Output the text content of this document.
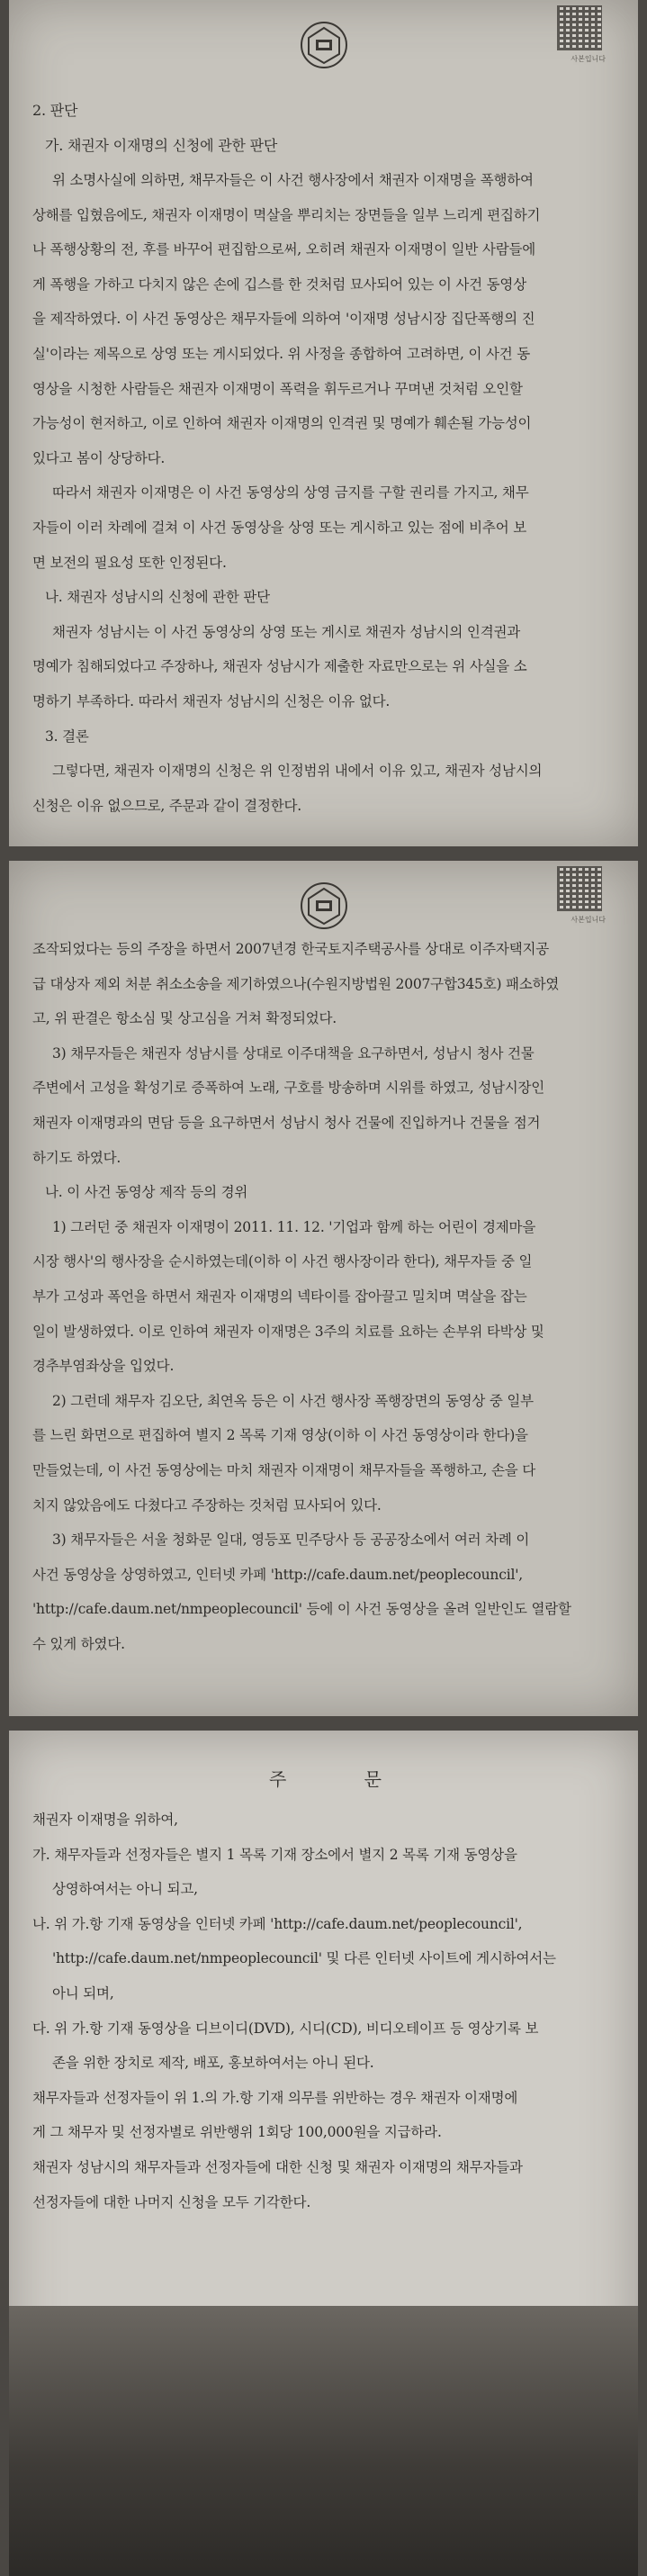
사본입니다

2. 판단

가. 채권자 이재명의 신청에 관한 판단

위 소명사실에 의하면, 채무자들은 이 사건 행사장에서 채권자 이재명을 폭행하여

상해를 입혔음에도, 채권자 이재명이 멱살을 뿌리치는 장면들을 일부 느리게 편집하기

나 폭행상황의 전, 후를 바꾸어 편집함으로써, 오히려 채권자 이재명이 일반 사람들에

게 폭행을 가하고 다치지 않은 손에 깁스를 한 것처럼 묘사되어 있는 이 사건 동영상

을 제작하였다. 이 사건 동영상은 채무자들에 의하여 '이재명 성남시장 집단폭행의 진

실'이라는 제목으로 상영 또는 게시되었다. 위 사정을 종합하여 고려하면, 이 사건 동

영상을 시청한 사람들은 채권자 이재명이 폭력을 휘두르거나 꾸며낸 것처럼 오인할

가능성이 현저하고, 이로 인하여 채권자 이재명의 인격권 및 명예가 훼손될 가능성이

있다고 봄이 상당하다.

따라서 채권자 이재명은 이 사건 동영상의 상영 금지를 구할 권리를 가지고, 채무

자들이 이러 차례에 걸쳐 이 사건 동영상을 상영 또는 게시하고 있는 점에 비추어 보

면 보전의 필요성 또한 인정된다.

나. 채권자 성남시의 신청에 관한 판단

채권자 성남시는 이 사건 동영상의 상영 또는 게시로 채권자 성남시의 인격권과

명예가 침해되었다고 주장하나, 채권자 성남시가 제출한 자료만으로는 위 사실을 소

명하기 부족하다. 따라서 채권자 성남시의 신청은 이유 없다.

3. 결론

그렇다면, 채권자 이재명의 신청은 위 인정범위 내에서 이유 있고, 채권자 성남시의

신청은 이유 없으므로, 주문과 같이 결정한다.

사본입니다

조작되었다는 등의 주장을 하면서 2007년경 한국토지주택공사를 상대로 이주자택지공

급 대상자 제외 처분 취소소송을 제기하였으나(수원지방법원 2007구합345호) 패소하였

고, 위 판결은 항소심 및 상고심을 거쳐 확정되었다.

3) 채무자들은 채권자 성남시를 상대로 이주대책을 요구하면서, 성남시 청사 건물

주변에서 고성을 확성기로 증폭하여 노래, 구호를 방송하며 시위를 하였고, 성남시장인

채권자 이재명과의 면담 등을 요구하면서 성남시 청사 건물에 진입하거나 건물을 점거

하기도 하였다.

나. 이 사건 동영상 제작 등의 경위

1) 그러던 중 채권자 이재명이 2011. 11. 12. '기업과 함께 하는 어린이 경제마을

시장 행사'의 행사장을 순시하였는데(이하 이 사건 행사장이라 한다), 채무자들 중 일

부가 고성과 폭언을 하면서 채권자 이재명의 넥타이를 잡아끌고 밀치며 멱살을 잡는

일이 발생하였다. 이로 인하여 채권자 이재명은 3주의 치료를 요하는 손부위 타박상 및

경추부염좌상을 입었다.

2) 그런데 채무자 김오단, 최연옥 등은 이 사건 행사장 폭행장면의 동영상 중 일부

를 느린 화면으로 편집하여 별지 2 목록 기재 영상(이하 이 사건 동영상이라 한다)을

만들었는데, 이 사건 동영상에는 마치 채권자 이재명이 채무자들을 폭행하고, 손을 다

치지 않았음에도 다쳤다고 주장하는 것처럼 묘사되어 있다.

3) 채무자들은 서울 청화문 일대, 영등포 민주당사 등 공공장소에서 여러 차례 이

사건 동영상을 상영하였고, 인터넷 카페 'http://cafe.daum.net/peoplecouncil',

'http://cafe.daum.net/nmpeoplecouncil' 등에 이 사건 동영상을 올려 일반인도 열람할

수 있게 하였다.

주 문

채권자 이재명을 위하여,

가. 채무자들과 선정자들은 별지 1 목록 기재 장소에서 별지 2 목록 기재 동영상을

상영하여서는 아니 되고,

나. 위 가.항 기재 동영상을 인터넷 카페 'http://cafe.daum.net/peoplecouncil',

'http://cafe.daum.net/nmpeoplecouncil' 및 다른 인터넷 사이트에 게시하여서는

아니 되며,

다. 위 가.항 기재 동영상을 디브이디(DVD), 시디(CD), 비디오테이프 등 영상기록 보

존을 위한 장치로 제작, 배포, 홍보하여서는 아니 된다.

채무자들과 선정자들이 위 1.의 가.항 기재 의무를 위반하는 경우 채권자 이재명에

게 그 채무자 및 선정자별로 위반행위 1회당 100,000원을 지급하라.

채권자 성남시의 채무자들과 선정자들에 대한 신청 및 채권자 이재명의 채무자들과

선정자들에 대한 나머지 신청을 모두 기각한다.
